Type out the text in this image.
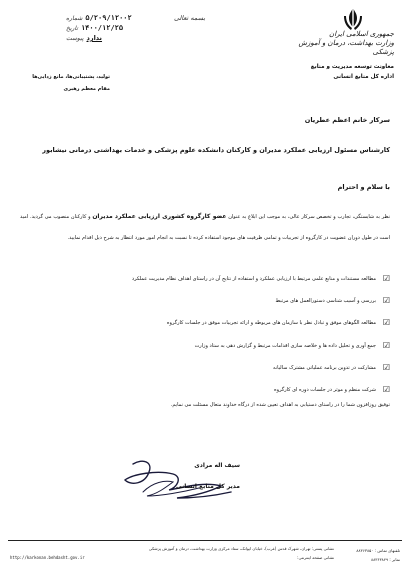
جمهوری اسلامی ایران
وزارت بهداشت، درمان و آموزش پزشکی
معاونت توسعه مدیریت و منابع
اداره کل منابع انسانی
بسمه تعالی
۵/۲۰۹/۱۲۰۰۲
شماره
۱۴۰۰/۱۲/۲۵
تاریخ
ندارد
پیوست
تولید، پشتیبانی‌ها، مانع زدایی‌ها
مقام معظم رهبری
سرکار خانم اعظم عطریان
کارشناس مسئول ارزیابی عملکرد مدیران و کارکنان دانشکده علوم پزشکی و خدمات بهداشتی درمانی نیشابور
با سلام و احترام
نظر به شایستگی، تجارب و تخصص سرکار عالی، به موجب این ابلاغ به عنوان عضو کارگروه کشوری ارزیابی عملکرد مدیران و کارکنان منصوب می گردید. امید است در طول دوران عضویت در کارگروه از تجربیات و تمامی ظرفیت های موجود استفاده کرده تا نسبت به انجام امور مورد انتظار به شرح ذیل اقدام نمایید.
☑
مطالعه مستندات و منابع علمی مرتبط با ارزیابی عملکرد و استفاده از نتایج آن در راستای اهداف نظام مدیریت عملکرد
☑
بررسی و آسیب شناسی دستورالعمل های مرتبط
☑
مطالعه الگوهای موفق و تبادل نظر با سازمان های مربوطه و ارائه تجربیات موفق در جلسات کارگروه
☑
جمع آوری و تحلیل داده ها و خلاصه سازی اقدامات مرتبط و گزارش دهی به ستاد وزارت
☑
مشارکت در تدوین برنامه عملیاتی مشترک سالیانه
☑
شرکت منظم و موثر در جلسات دوره ای کارگروه
توفیق روزافزون شما را در راستای دستیابی به اهداف تعیین شده از درگاه خداوند متعال مسئلت می نمایم.
سیف اله مرادی
مدیر کل منابع انسانی
تلفنهای تماس : ۸۸۳۶۳۸۵۰
نمابر : ۸۸۳۶۳۸۴۹
نشانی پستی: تهران، شهرک قدس (غرب)، خیابان ایوانک، ستاد مرکزی وزارت بهداشت، درمان و آموزش پزشکی
نشانی صفحه اینترنتی:
http://karkonan.behdasht.gov.ir
